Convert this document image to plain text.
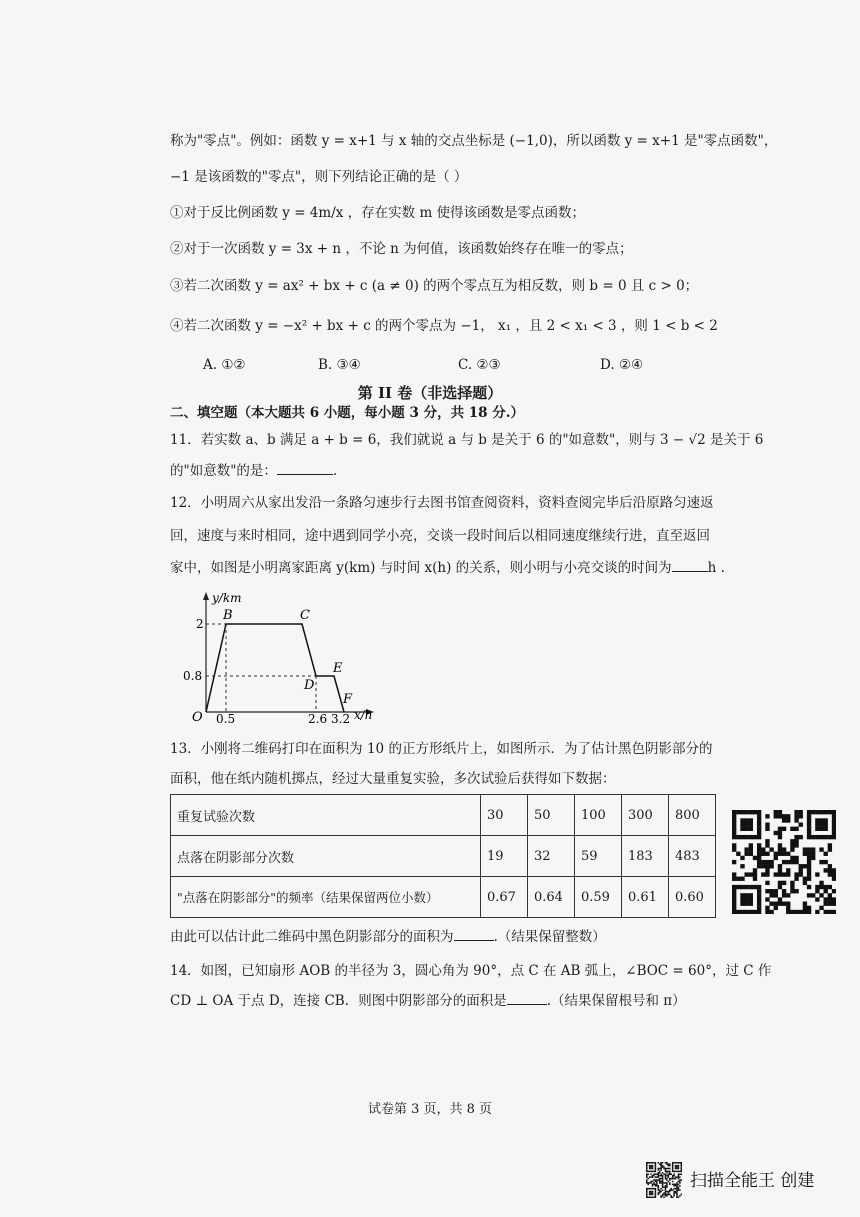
称为"零点"。例如：函数 y = x+1 与 x 轴的交点坐标是 (−1,0)，所以函数 y = x+1 是"零点函数"，
−1 是该函数的"零点"，则下列结论正确的是（ ）
①对于反比例函数 y = 4m/x ，存在实数 m 使得该函数是零点函数；
②对于一次函数 y = 3x + n ，不论 n 为何值，该函数始终存在唯一的零点；
③若二次函数 y = ax² + bx + c (a ≠ 0) 的两个零点互为相反数，则 b = 0 且 c > 0；
④若二次函数 y = −x² + bx + c 的两个零点为 −1， x₁ ，且 2 < x₁ < 3 ，则 1 < b < 2
A. ①②	B. ③④	C. ②③	D. ②④
第 II 卷（非选择题）
二、填空题（本大题共 6 小题，每小题 3 分，共 18 分.）
11．若实数 a、b 满足 a + b = 6，我们就说 a 与 b 是关于 6 的"如意数"，则与 3 − √2 是关于 6
的"如意数"的是：	.
12．小明周六从家出发沿一条路匀速步行去图书馆查阅资料，资料查阅完毕后沿原路匀速返
回，速度与来时相同，途中遇到同学小亮，交谈一段时间后以相同速度继续行进，直至返回
家中，如图是小明离家距离 y(km) 与时间 x(h) 的关系，则小明与小亮交谈的时间为	h .
y/km
x/h
O
2
0.8
0.5	2.6 3.2
B	C
D
E
F
13．小刚将二维码打印在面积为 10 的正方形纸片上，如图所示．为了估计黑色阴影部分的
面积，他在纸内随机掷点，经过大量重复实验，多次试验后获得如下数据：
重复试验次数	30	50	100	300	800
点落在阴影部分次数	19	32	59	183	483
"点落在阴影部分"的频率（结果保留两位小数）	0.67	0.64	0.59	0.61	0.60
由此可以估计此二维码中黑色阴影部分的面积为	.（结果保留整数）
14．如图，已知扇形 AOB 的半径为 3，圆心角为 90°，点 C 在 AB 弧上，∠BOC = 60°，过 C 作
CD ⊥ OA 于点 D，连接 CB．则图中阴影部分的面积是	.（结果保留根号和 π）
试卷第 3 页，共 8 页
扫描全能王 创建
